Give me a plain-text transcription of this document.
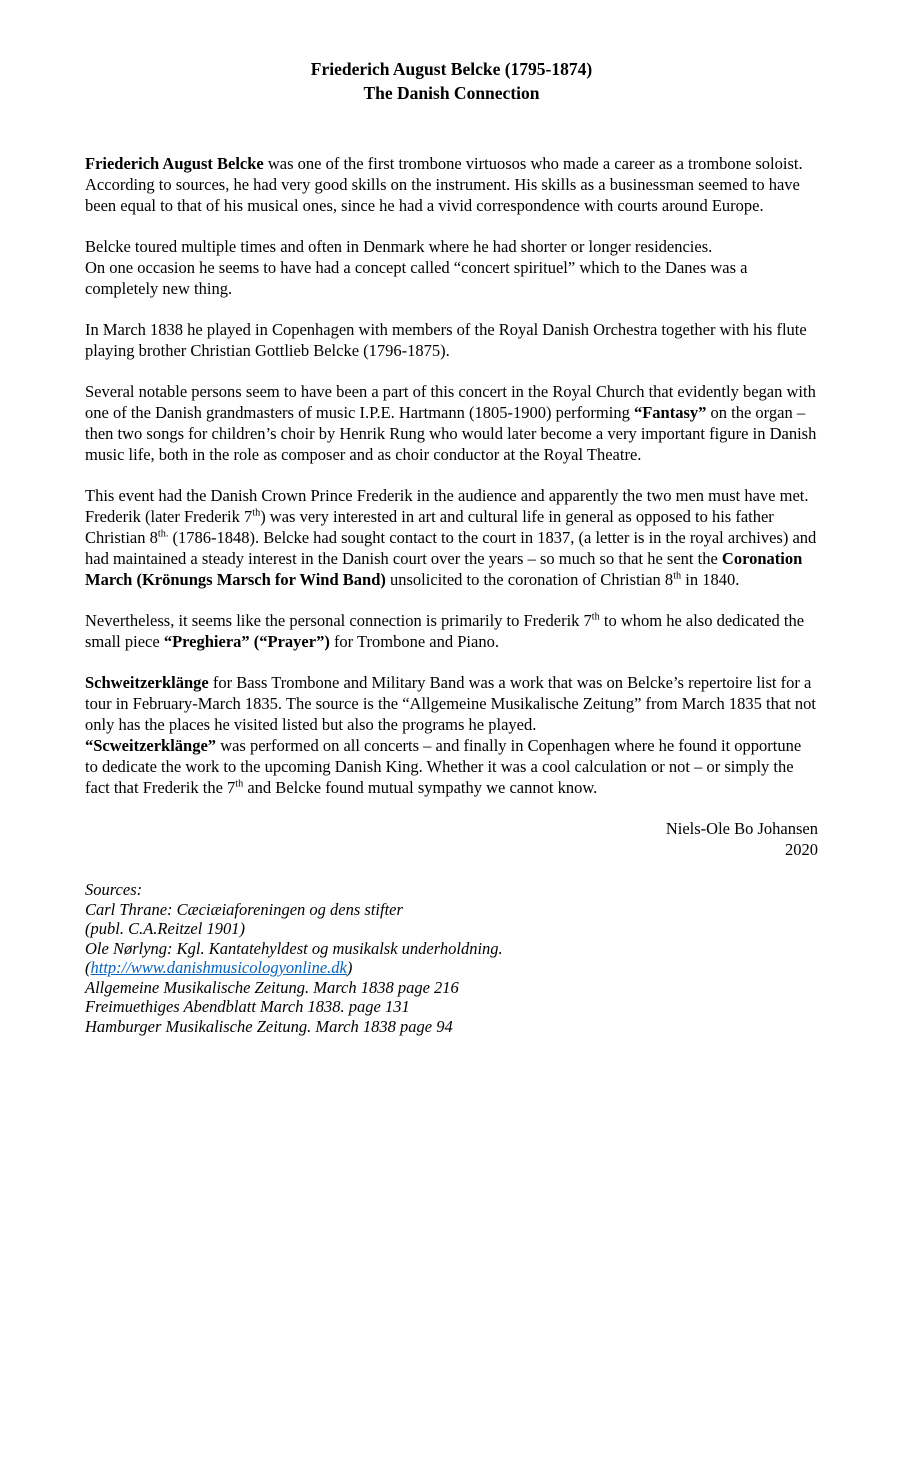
Friederich August Belcke (1795-1874)
The Danish Connection

Friederich August Belcke was one of the first trombone virtuosos who made a career as a trombone soloist. According to sources, he had very good skills on the instrument. His skills as a businessman seemed to have been equal to that of his musical ones, since he had a vivid correspondence with courts around Europe.

Belcke toured multiple times and often in Denmark where he had shorter or longer residencies.
On one occasion he seems to have had a concept called “concert spirituel” which to the Danes was a completely new thing.

In March 1838 he played in Copenhagen with members of the Royal Danish Orchestra together with his flute playing brother Christian Gottlieb Belcke (1796-1875).

Several notable persons seem to have been a part of this concert in the Royal Church that evidently began with one of the Danish grandmasters of music I.P.E. Hartmann (1805-1900) performing “Fantasy” on the organ – then two songs for children’s choir by Henrik Rung who would later become a very important figure in Danish music life, both in the role as composer and as choir conductor at the Royal Theatre.

This event had the Danish Crown Prince Frederik in the audience and apparently the two men must have met. Frederik (later Frederik 7th) was very interested in art and cultural life in general as opposed to his father Christian $8^{th.}$ (1786-1848). Belcke had sought contact to the court in 1837, (a letter is in the royal archives) and had maintained a steady interest in the Danish court over the years – so much so that he sent the Coronation March (Krönungs Marsch for Wind Band) unsolicited to the coronation of Christian 8th in 1840.

Nevertheless, it seems like the personal connection is primarily to Frederik 7th to whom he also dedicated the small piece “Preghiera” (“Prayer”) for Trombone and Piano.

Schweitzerklänge for Bass Trombone and Military Band was a work that was on Belcke’s repertoire list for a tour in February-March 1835. The source is the “Allgemeine Musikalische Zeitung” from March 1835 that not only has the places he visited listed but also the programs he played.
“Scweitzerklänge” was performed on all concerts – and finally in Copenhagen where he found it opportune to dedicate the work to the upcoming Danish King. Whether it was a cool calculation or not – or simply the fact that Frederik the 7th and Belcke found mutual sympathy we cannot know.

Niels-Ole Bo Johansen
2020
Sources:
Carl Thrane: Cæciæiaforeningen og dens stifter
(publ. C.A.Reitzel 1901)
Ole Nørlyng: Kgl. Kantatehyldest og musikalsk underholdning.
(http://www.danishmusicologyonline.dk)
Allgemeine Musikalische Zeitung. March 1838 page 216
Freimuethiges Abendblatt March 1838. page 131
Hamburger Musikalische Zeitung. March 1838 page 94
